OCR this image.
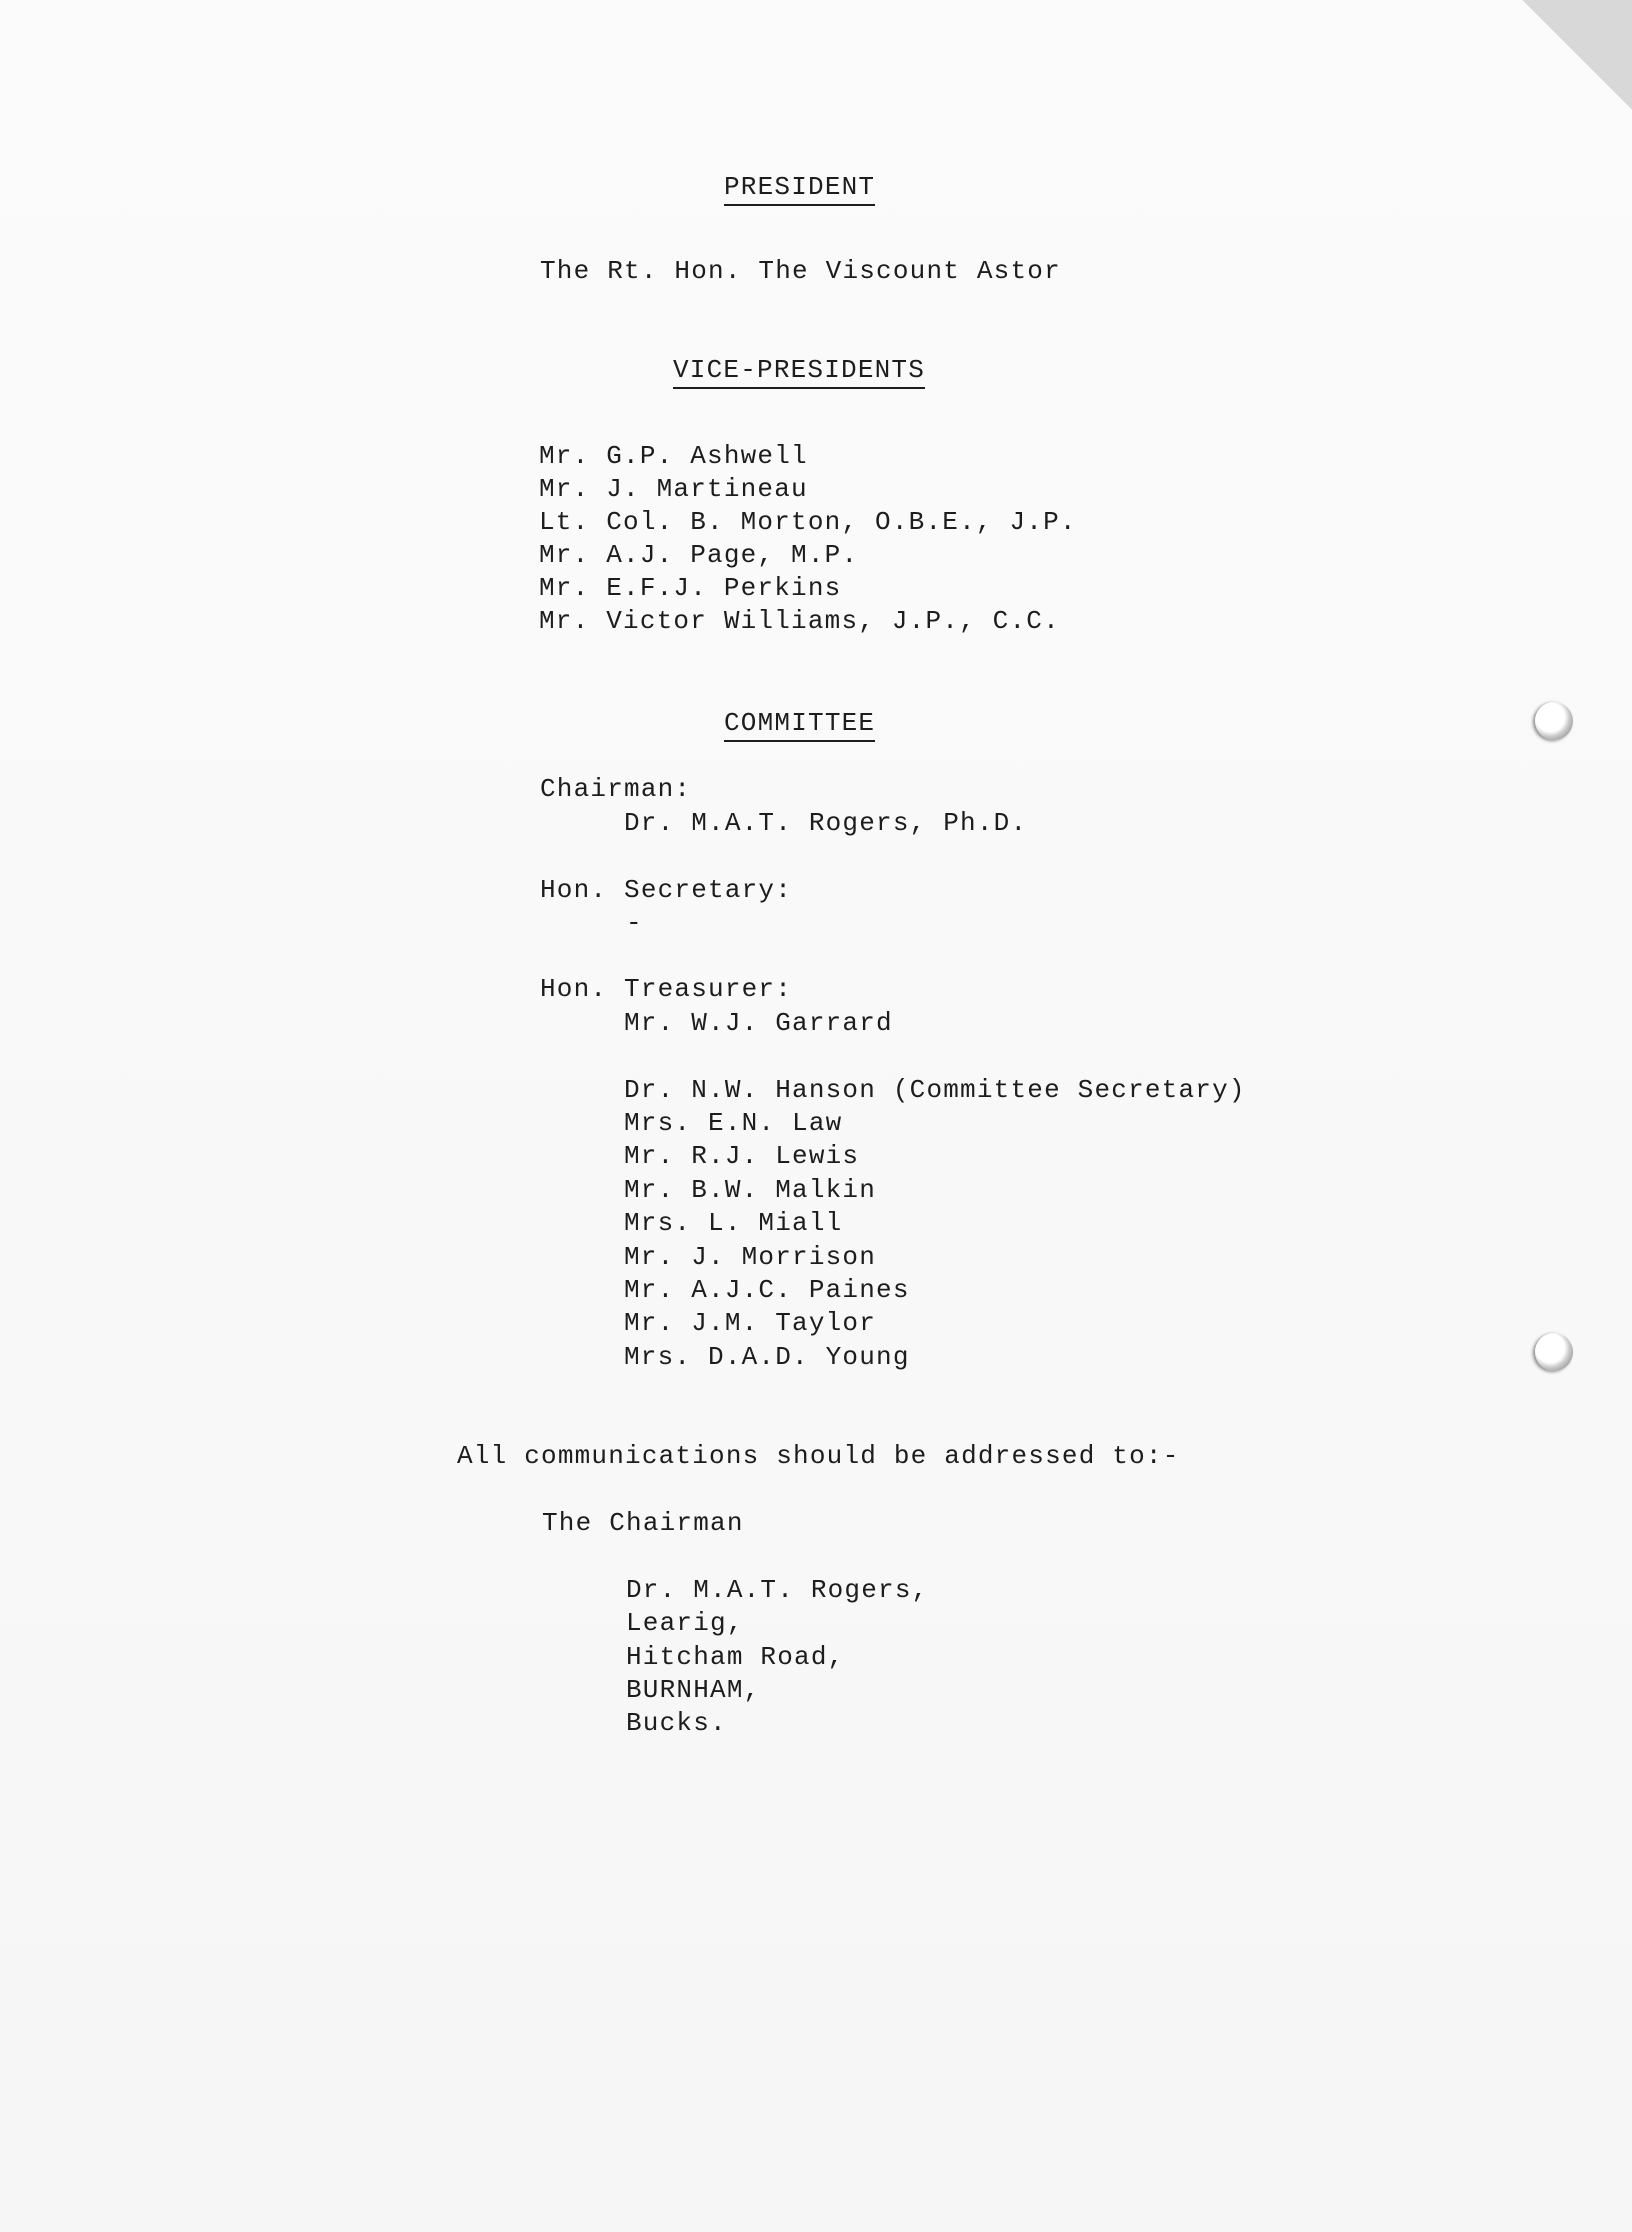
PRESIDENT
The Rt. Hon. The Viscount Astor
VICE-PRESIDENTS
Mr. G.P. Ashwell
Mr. J. Martineau
Lt. Col. B. Morton, O.B.E., J.P.
Mr. A.J. Page, M.P.
Mr. E.F.J. Perkins
Mr. Victor Williams, J.P., C.C.
COMMITTEE
Chairman:
Dr. M.A.T. Rogers, Ph.D.
Hon. Secretary:
-
Hon. Treasurer:
Mr. W.J. Garrard
Dr. N.W. Hanson (Committee Secretary)
Mrs. E.N. Law
Mr. R.J. Lewis
Mr. B.W. Malkin
Mrs. L. Miall
Mr. J. Morrison
Mr. A.J.C. Paines
Mr. J.M. Taylor
Mrs. D.A.D. Young
All communications should be addressed to:-
The Chairman
Dr. M.A.T. Rogers,
Learig,
Hitcham Road,
BURNHAM,
Bucks.
